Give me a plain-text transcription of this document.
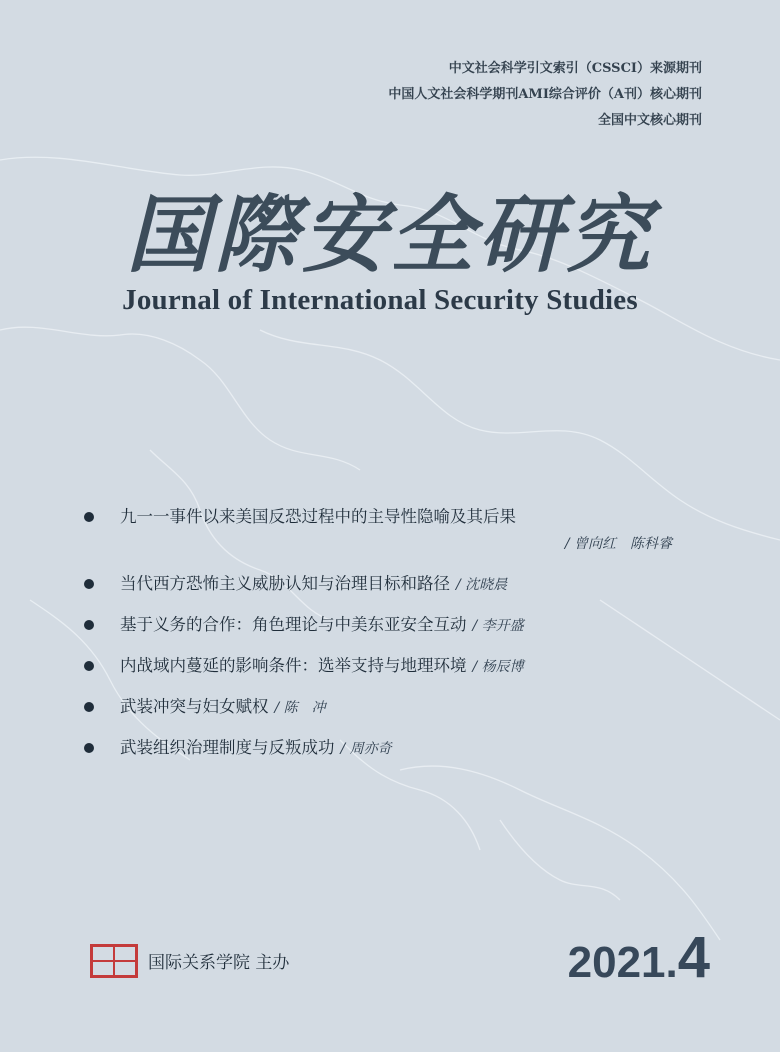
中文社会科学引文索引（CSSCI）来源期刊
中国人文社会科学期刊AMI综合评价（A刊）核心期刊
全国中文核心期刊
国際安全研究
Journal of International Security Studies
九一一事件以来美国反恐过程中的主导性隐喻及其后果
/ 曾向红　陈科睿
当代西方恐怖主义威胁认知与治理目标和路径 / 沈晓晨
基于义务的合作：角色理论与中美东亚安全互动 / 李开盛
内战域内蔓延的影响条件：选举支持与地理环境 / 杨辰博
武装冲突与妇女赋权 / 陈　冲
武装组织治理制度与反叛成功 / 周亦奇
国际关系学院 主办	2021.4
